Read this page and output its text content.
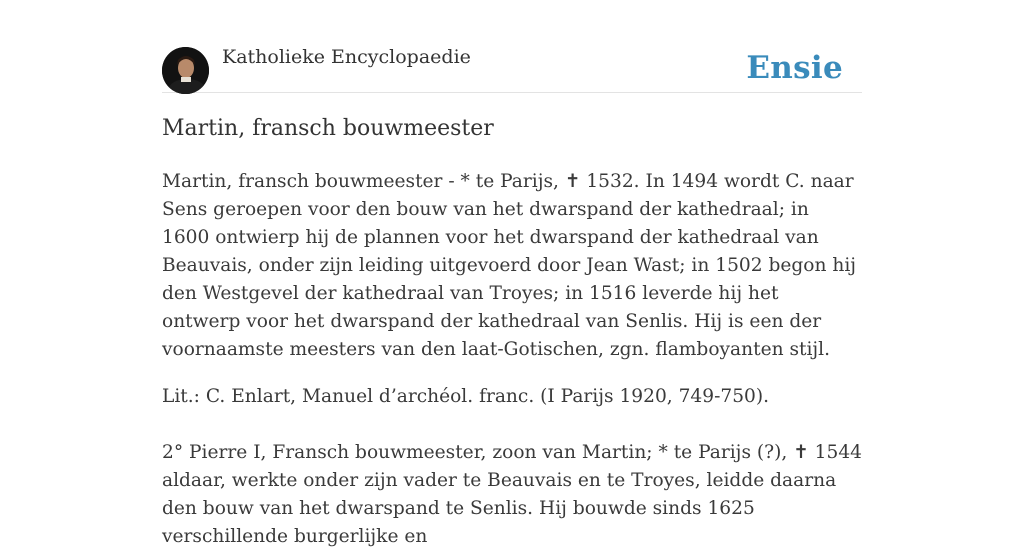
Katholieke Encyclopaedie	Ensie
Martin, fransch bouwmeester

Martin, fransch bouwmeester - * te Parijs, ✝ 1532. In 1494 wordt C. naar Sens geroepen voor den bouw van het dwarspand der kathedraal; in 1600 ontwierp hij de plannen voor het dwarspand der kathedraal van Beauvais, onder zijn leiding uitgevoerd door Jean Wast; in 1502 begon hij den Westgevel der kathedraal van Troyes; in 1516 leverde hij het ontwerp voor het dwarspand der kathedraal van Senlis. Hij is een der voornaamste meesters van den laat-Gotischen, zgn. flamboyanten stijl.

Lit.: C. Enlart, Manuel d’archéol. franc. (I Parijs 1920, 749-750).

2° Pierre I, Fransch bouwmeester, zoon van Martin; * te Parijs (?), ✝ 1544 aldaar, werkte onder zijn vader te Beauvais en te Troyes, leidde daarna den bouw van het dwarspand te Senlis. Hij bouwde sinds 1625 verschillende burgerlijke en
